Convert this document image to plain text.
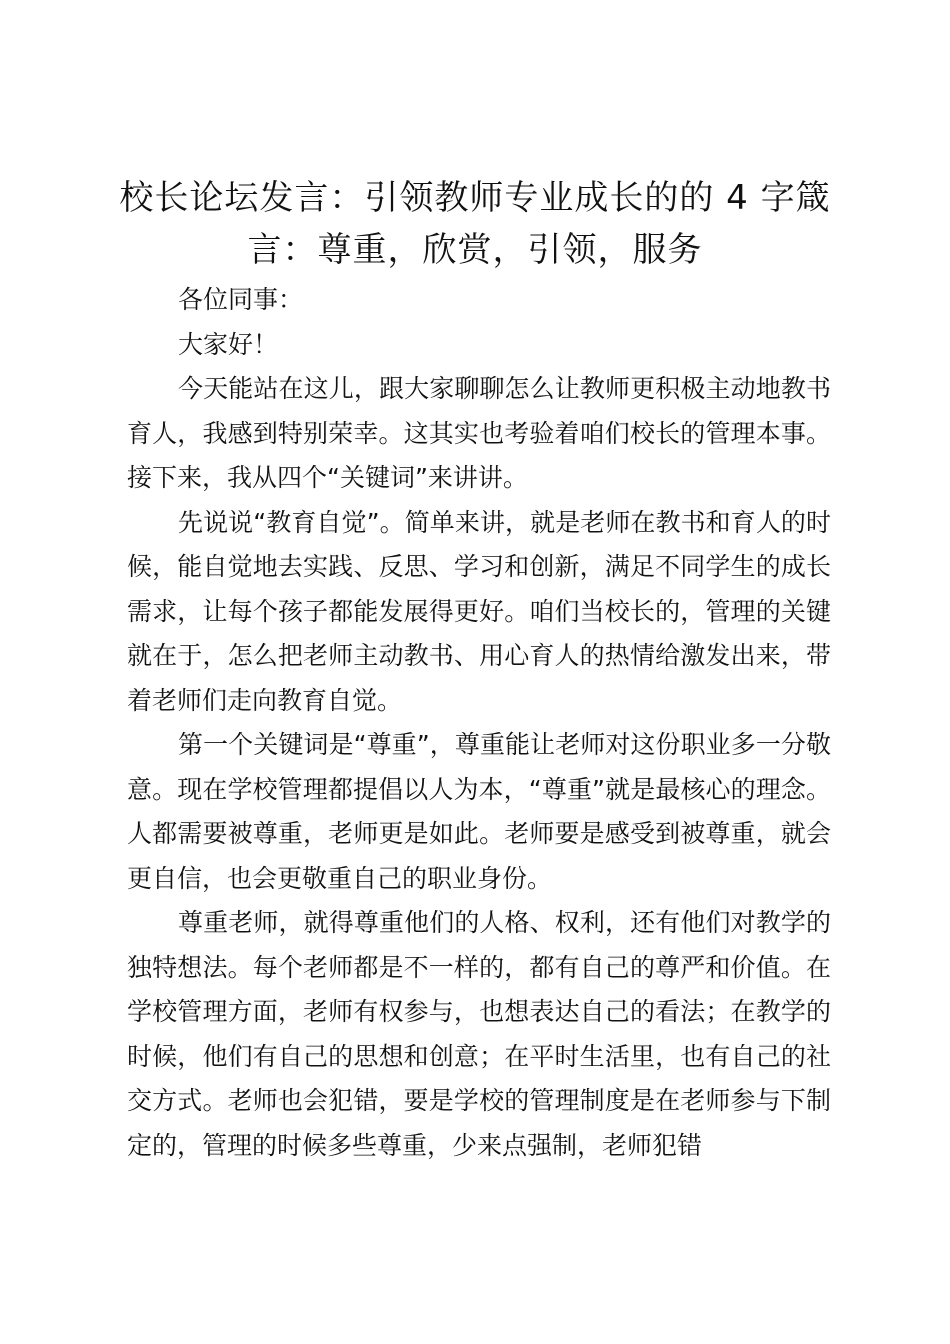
校长论坛发言：引领教师专业成长的的 4 字箴言：尊重，欣赏，引领，服务

各位同事：

大家好！

今天能站在这儿，跟大家聊聊怎么让教师更积极主动地教书育人，我感到特别荣幸。这其实也考验着咱们校长的管理本事。接下来，我从四个“关键词”来讲讲。

先说说“教育自觉”。简单来讲，就是老师在教书和育人的时候，能自觉地去实践、反思、学习和创新，满足不同学生的成长需求，让每个孩子都能发展得更好。咱们当校长的，管理的关键就在于，怎么把老师主动教书、用心育人的热情给激发出来，带着老师们走向教育自觉。

第一个关键词是“尊重”，尊重能让老师对这份职业多一分敬意。现在学校管理都提倡以人为本，“尊重”就是最核心的理念。人都需要被尊重，老师更是如此。老师要是感受到被尊重，就会更自信，也会更敬重自己的职业身份。

尊重老师，就得尊重他们的人格、权利，还有他们对教学的独特想法。每个老师都是不一样的，都有自己的尊严和价值。在学校管理方面，老师有权参与，也想表达自己的看法；在教学的时候，他们有自己的思想和创意；在平时生活里，也有自己的社交方式。老师也会犯错，要是学校的管理制度是在老师参与下制定的，管理的时候多些尊重，少来点强制，老师犯错
